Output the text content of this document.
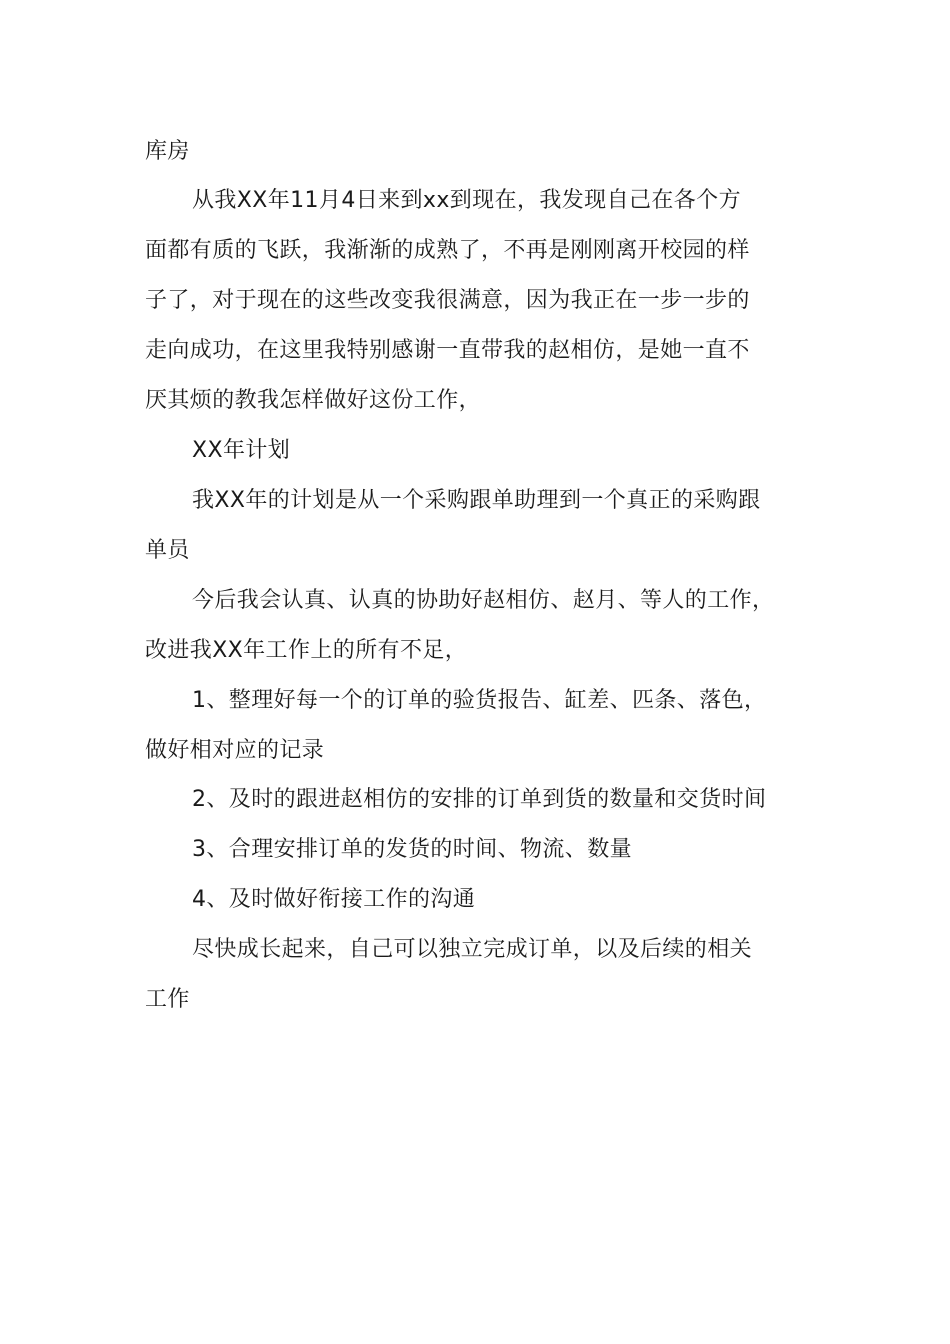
库房
从我XX年11月4日来到xx到现在，我发现自己在各个方
面都有质的飞跃，我渐渐的成熟了，不再是刚刚离开校园的样
子了，对于现在的这些改变我很满意，因为我正在一步一步的
走向成功，在这里我特别感谢一直带我的赵相仿，是她一直不
厌其烦的教我怎样做好这份工作，
XX年计划
我XX年的计划是从一个采购跟单助理到一个真正的采购跟
单员
今后我会认真、认真的协助好赵相仿、赵月、等人的工作，
改进我XX年工作上的所有不足，
1、整理好每一个的订单的验货报告、缸差、匹条、落色，
做好相对应的记录
2、及时的跟进赵相仿的安排的订单到货的数量和交货时间
3、合理安排订单的发货的时间、物流、数量
4、及时做好衔接工作的沟通
尽快成长起来，自己可以独立完成订单，以及后续的相关
工作
